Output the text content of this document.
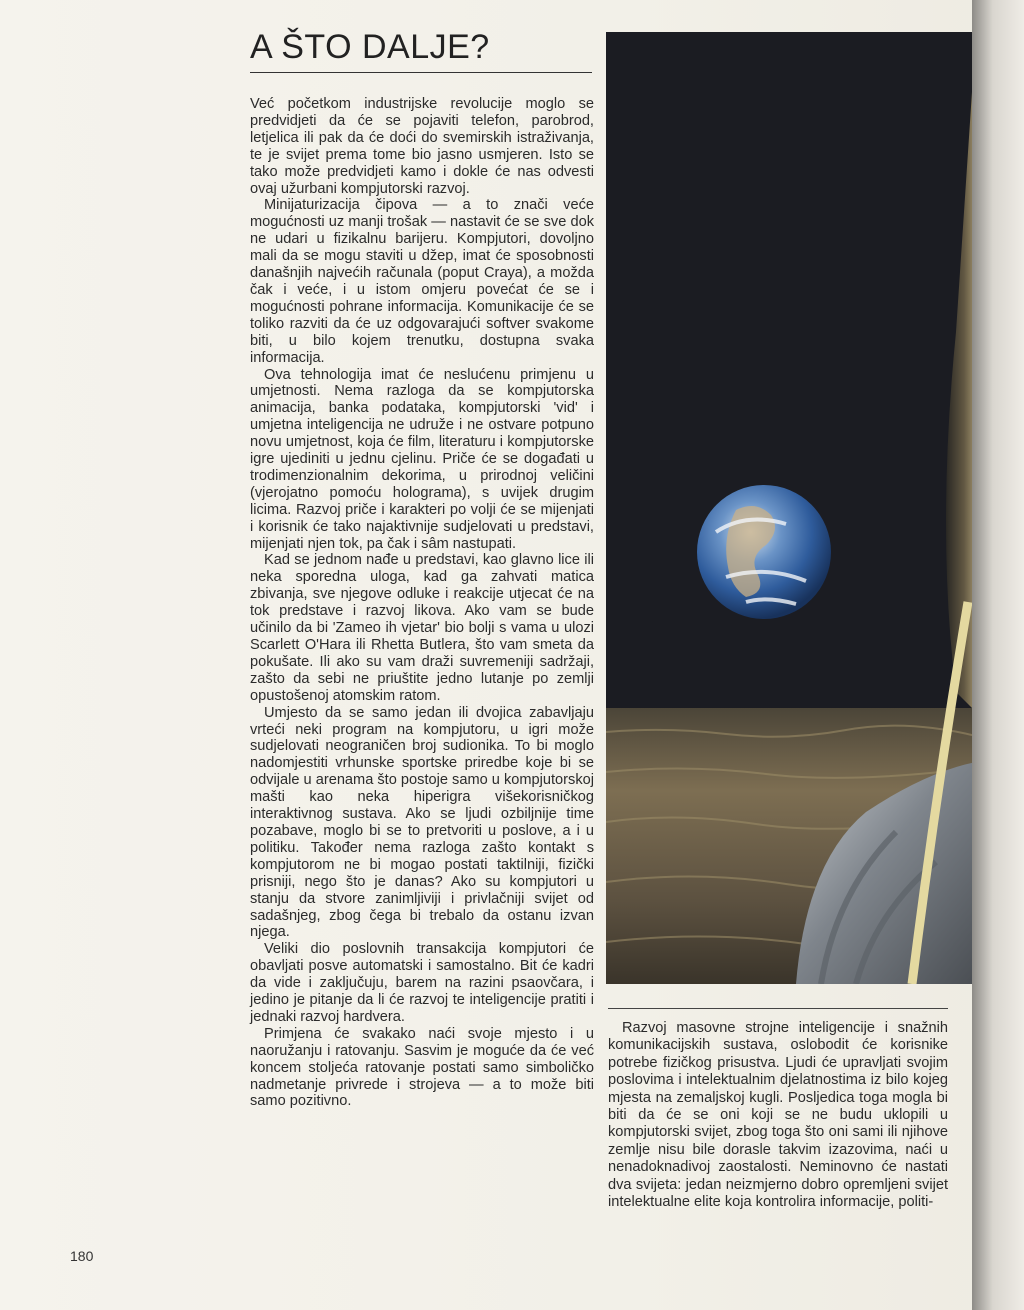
A ŠTO DALJE?

Već početkom industrijske revolucije moglo se predvidjeti da će se pojaviti telefon, parobrod, letjelica ili pak da će doći do svemirskih istraživanja, te je svijet prema tome bio jasno usmjeren. Isto se tako može predvidjeti kamo i dokle će nas odvesti ovaj užurbani kompjutorski razvoj.

Minijaturizacija čipova — a to znači veće mogućnosti uz manji trošak — nastavit će se sve dok ne udari u fizikalnu barijeru. Kompjutori, dovoljno mali da se mogu staviti u džep, imat će sposobnosti današnjih najvećih računala (poput Craya), a možda čak i veće, i u istom omjeru povećat će se i mogućnosti pohrane informacija. Komunikacije će se toliko razviti da će uz odgovarajući softver svakome biti, u bilo kojem trenutku, dostupna svaka informacija.

Ova tehnologija imat će neslućenu primjenu u umjetnosti. Nema razloga da se kompjutorska animacija, banka podataka, kompjutorski 'vid' i umjetna inteligencija ne udruže i ne ostvare potpuno novu umjetnost, koja će film, literaturu i kompjutorske igre ujediniti u jednu cjelinu. Priče će se događati u trodimenzionalnim dekorima, u prirodnoj veličini (vjerojatno pomoću holograma), s uvijek drugim licima. Razvoj priče i karakteri po volji će se mijenjati i korisnik će tako najaktivnije sudjelovati u predstavi, mijenjati njen tok, pa čak i sâm nastupati.

Kad se jednom nađe u predstavi, kao glavno lice ili neka sporedna uloga, kad ga zahvati matica zbivanja, sve njegove odluke i reakcije utjecat će na tok predstave i razvoj likova. Ako vam se bude učinilo da bi 'Zameo ih vjetar' bio bolji s vama u ulozi Scarlett O'Hara ili Rhetta Butlera, što vam smeta da pokušate. Ili ako su vam draži suvremeniji sadržaji, zašto da sebi ne priuštite jedno lutanje po zemlji opustošenoj atomskim ratom.

Umjesto da se samo jedan ili dvojica zabavljaju vrteći neki program na kompjutoru, u igri može sudjelovati neograničen broj sudionika. To bi moglo nadomjestiti vrhunske sportske priredbe koje bi se odvijale u arenama što postoje samo u kompjutorskoj mašti kao neka hiperigra višekorisničkog interaktivnog sustava. Ako se ljudi ozbiljnije time pozabave, moglo bi se to pretvoriti u poslove, a i u politiku. Također nema razloga zašto kontakt s kompjutorom ne bi mogao postati taktilniji, fizički prisniji, nego što je danas? Ako su kompjutori u stanju da stvore zanimljiviji i privlačniji svijet od sadašnjeg, zbog čega bi trebalo da ostanu izvan njega.

Veliki dio poslovnih transakcija kompjutori će obavljati posve automatski i samostalno. Bit će kadri da vide i zaključuju, barem na razini psaovčara, i jedino je pitanje da li će razvoj te inteligencije pratiti i jednaki razvoj hardvera.

Primjena će svakako naći svoje mjesto i u naoružanju i ratovanju. Sasvim je moguće da će već koncem stoljeća ratovanje postati samo simboličko nadmetanje privrede i strojeva — a to može biti samo pozitivno.

Razvoj masovne strojne inteligencije i snažnih komunikacijskih sustava, oslobodit će korisnike potrebe fizičkog prisustva. Ljudi će upravljati svojim poslovima i intelektualnim djelatnostima iz bilo kojeg mjesta na zemaljskoj kugli. Posljedica toga mogla bi biti da će se oni koji se ne budu uklopili u kompjutorski svijet, zbog toga što oni sami ili njihove zemlje nisu bile dorasle takvim izazovima, naći u nenadoknadivoj zaostalosti. Neminovno će nastati dva svijeta: jedan neizmjerno dobro opremljeni svijet intelektualne elite koja kontrolira informacije, politi-

180
